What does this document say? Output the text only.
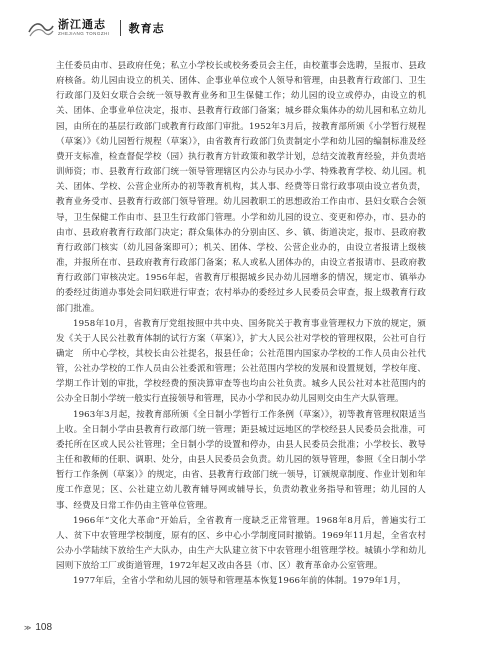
浙江通志
ZHEJIANG TONGZHI 教育志

主任委员由市、县政府任免；私立小学校长或校务委员会主任，由校董事会选聘，呈报市、县政府核备。幼儿园由设立的机关、团体、企事业单位或个人领导和管理，由县教育行政部门、卫生行政部门及妇女联合会统一领导教育业务和卫生保健工作；幼儿园的设立或停办，由设立的机关、团体、企事业单位决定，报市、县教育行政部门备案；城乡群众集体办的幼儿园和私立幼儿园，由所在的基层行政部门或教育行政部门审批。1952年3月后，按教育部所颁《小学暂行规程（草案）》《幼儿园暂行规程（草案）》，由省教育行政部门负责制定小学和幼儿园的编制标准及经费开支标准，检查督促学校（园）执行教育方针政策和教学计划，总结交流教育经验，并负责培训师资；市、县教育行政部门统一领导管理辖区内公办与民办小学、特殊教育学校、幼儿园。机关、团体、学校、公营企业所办的初等教育机构，其人事、经费等日常行政事项由设立者负责，教育业务受市、县教育行政部门领导管理。幼儿园教职工的思想政治工作由市、县妇女联合会领导，卫生保健工作由市、县卫生行政部门管理。小学和幼儿园的设立、变更和停办，市、县办的由市、县政府教育行政部门决定；群众集体办的分别由区、乡、镇、街道决定，报市、县政府教育行政部门核实（幼儿园备案即可）；机关、团体、学校、公营企业办的，由设立者报请上级核准，并报所在市、县政府教育行政部门备案；私人或私人团体办的，由设立者报请市、县政府教育行政部门审核决定。1956年起，省教育厅根据城乡民办幼儿园增多的情况，规定市、镇举办的委经过街道办事处会同妇联进行审查；农村举办的委经过乡人民委员会审查，报上级教育行政部门批准。

1958年10月，省教育厅党组按照中共中央、国务院关于教育事业管理权力下放的规定，颁发《关于人民公社教育体制的试行方案（草案）》，扩大人民公社对学校的管理权限，公社可自行确定　所中心学校，其校长由公社提名，报县任命；公社范围内国家办学校的工作人员由公社代管，公社办学校的工作人员由公社委派和管理；公社范围内学校的发展和设置规划，学校年度、学期工作计划的审批，学校经费的预决算审查等也均由公社负责。城乡人民公社对本社范围内的公办全日制小学统一般实行直接领导和管理，民办小学和民办幼儿园则交由生产大队管理。

1963年3月起，按教育部所颁《全日制小学暂行工作条例（草案）》，初等教育管理权限适当上收。全日制小学由县教育行政部门统一管理；距县城过远地区的学校经县人民委员会批准，可委托所在区或人民公社管理；全日制小学的设置和停办，由县人民委员会批准；小学校长、教导主任和教师的任职、调职、处分，由县人民委员会负责。幼儿园的领导管理，参照《全日制小学暂行工作条例（草案）》的规定，由省、县教育行政部门统一领导，订颁规章制度、作业计划和年度工作意见；区、公社建立幼儿教育辅导网或辅导长，负责幼教业务指导和管理；幼儿园的人事、经费及日常工作仍由主管单位管理。

1966年“文化大革命”开始后，全省教育一度缺乏正常管理。1968年8月后，普遍实行工人、贫下中农管理学校制度，原有的区、乡中心小学制度同时撤销。1969年11月起，全省农村公办小学陆续下放给生产大队办，由生产大队建立贫下中农管理小组管理学校。城镇小学和幼儿园则下放给工厂或街道管理，1972年起又改由各县（市、区）教育革命办公室管理。

1977年后，全省小学和幼儿园的领导和管理基本恢复1966年前的体制。1979年1月，

≫ 108
